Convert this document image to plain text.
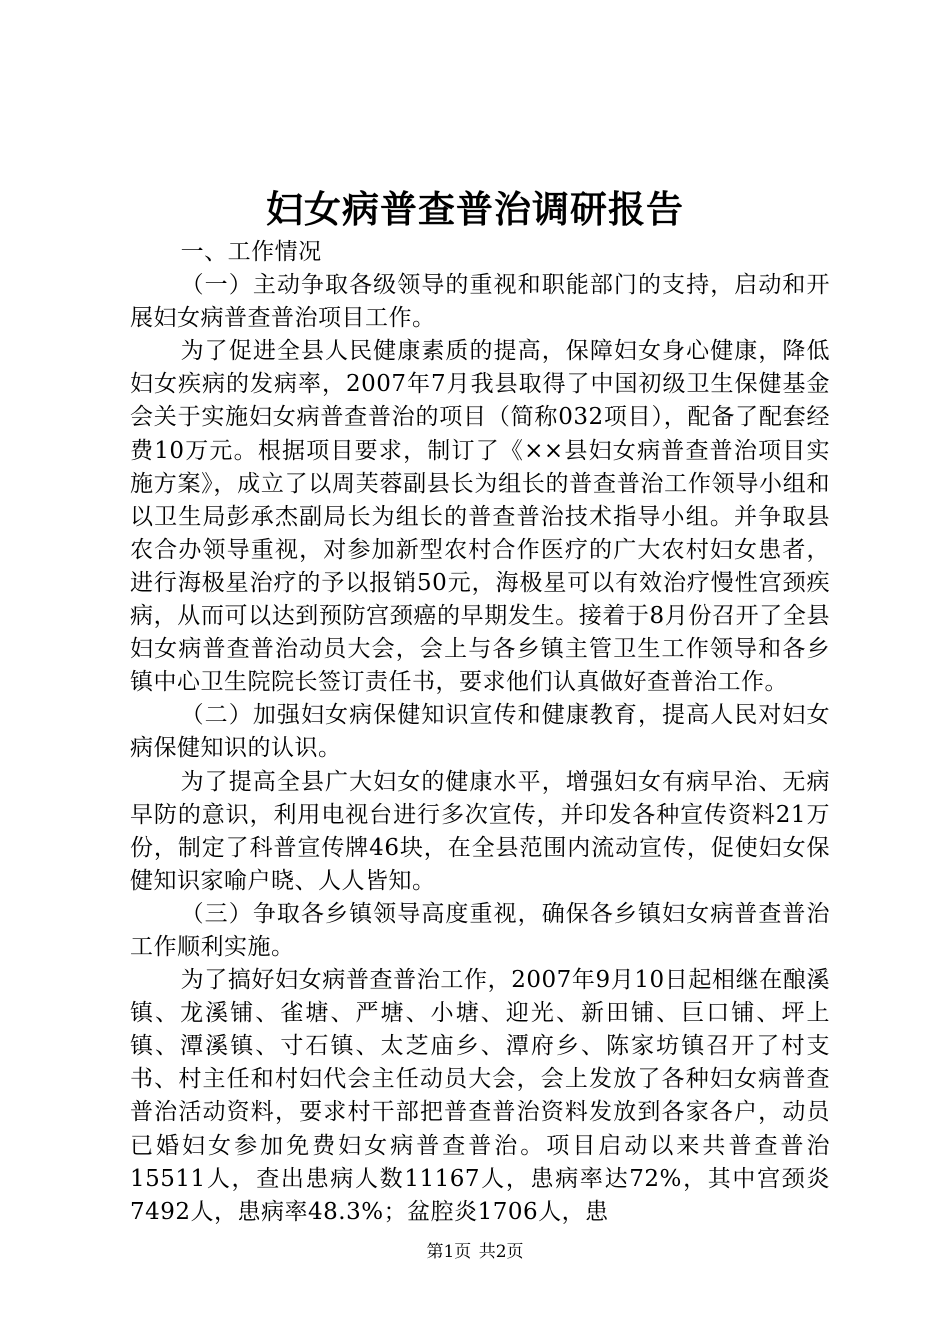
妇女病普查普治调研报告

一、工作情况

（一）主动争取各级领导的重视和职能部门的支持，启动和开展妇女病普查普治项目工作。

为了促进全县人民健康素质的提高，保障妇女身心健康，降低妇女疾病的发病率，2007年7月我县取得了中国初级卫生保健基金会关于实施妇女病普查普治的项目（简称032项目），配备了配套经费10万元。根据项目要求，制订了《××县妇女病普查普治项目实施方案》，成立了以周芙蓉副县长为组长的普查普治工作领导小组和以卫生局彭承杰副局长为组长的普查普治技术指导小组。并争取县农合办领导重视，对参加新型农村合作医疗的广大农村妇女患者，进行海极星治疗的予以报销50元，海极星可以有效治疗慢性宫颈疾病，从而可以达到预防宫颈癌的早期发生。接着于8月份召开了全县妇女病普查普治动员大会，会上与各乡镇主管卫生工作领导和各乡镇中心卫生院院长签订责任书，要求他们认真做好查普治工作。

（二）加强妇女病保健知识宣传和健康教育，提高人民对妇女病保健知识的认识。

为了提高全县广大妇女的健康水平，增强妇女有病早治、无病早防的意识，利用电视台进行多次宣传，并印发各种宣传资料21万份，制定了科普宣传牌46块，在全县范围内流动宣传，促使妇女保健知识家喻户晓、人人皆知。

（三）争取各乡镇领导高度重视，确保各乡镇妇女病普查普治工作顺利实施。

为了搞好妇女病普查普治工作，2007年9月10日起相继在酿溪镇、龙溪铺、雀塘、严塘、小塘、迎光、新田铺、巨口铺、坪上镇、潭溪镇、寸石镇、太芝庙乡、潭府乡、陈家坊镇召开了村支书、村主任和村妇代会主任动员大会，会上发放了各种妇女病普查普治活动资料，要求村干部把普查普治资料发放到各家各户，动员已婚妇女参加免费妇女病普查普治。项目启动以来共普查普治15511人，查出患病人数11167人，患病率达72%，其中宫颈炎7492人，患病率48.3%；盆腔炎1706人，患

第1页 共2页
